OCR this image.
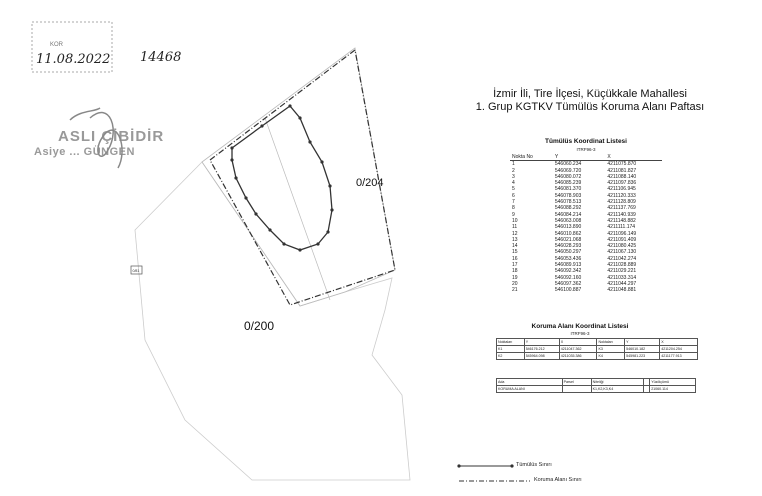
KOR
11.08.2022 14468
ASLI ÇİBİDİR
Asiye ... GÜNGEN
0/81
0/200
0/204
İzmir İli, Tire İlçesi, Küçükkale Mahallesi
1. Grup KGTKV Tümülüs Koruma Alanı Paftası
Tümülüs Koordinat Listesi
ITRF96-3
Nokta No	Y	X
1	546060.234	4211075.870
2	546069.720	4211081.827
3	546080.072	4211088.140
4	546085.239	4211097.836
5	546081.370	4211106.945
6	546078.903	4211120.333
7	546078.513	4211128.809
8	546088.292	4211137.769
9	546084.214	4211140.939
10	546063.008	4211148.882
11	546013.890	4211111.174
12	546010.862	4211096.149
13	546021.068	4211091.409
14	546028.293	4211080.425
15	546050.297	4211067.130
16	546053.436	4211042.274
17	546089.913	4211028.889
18	546092.342	4211029.221
19	546092.160	4211033.314
20	546097.362	4211044.297
21	546100.887	4211048.881
Koruma Alanı Koordinat Listesi
ITRF96-3
Noktaları	Y	X	Noktaları	Y	X
K1	546176.212	4211047.362	K3	546010.182	4211204.254
K2	545964.098	4211035.386	K4	545981.223	4211177.913
Ada	Parsel	Niteliği		Yüzölçümü
KORUMA ALANI		K1,K2,K3,K4		21060.114
Tümülüs Sınırı
Koruma Alanı Sınırı
